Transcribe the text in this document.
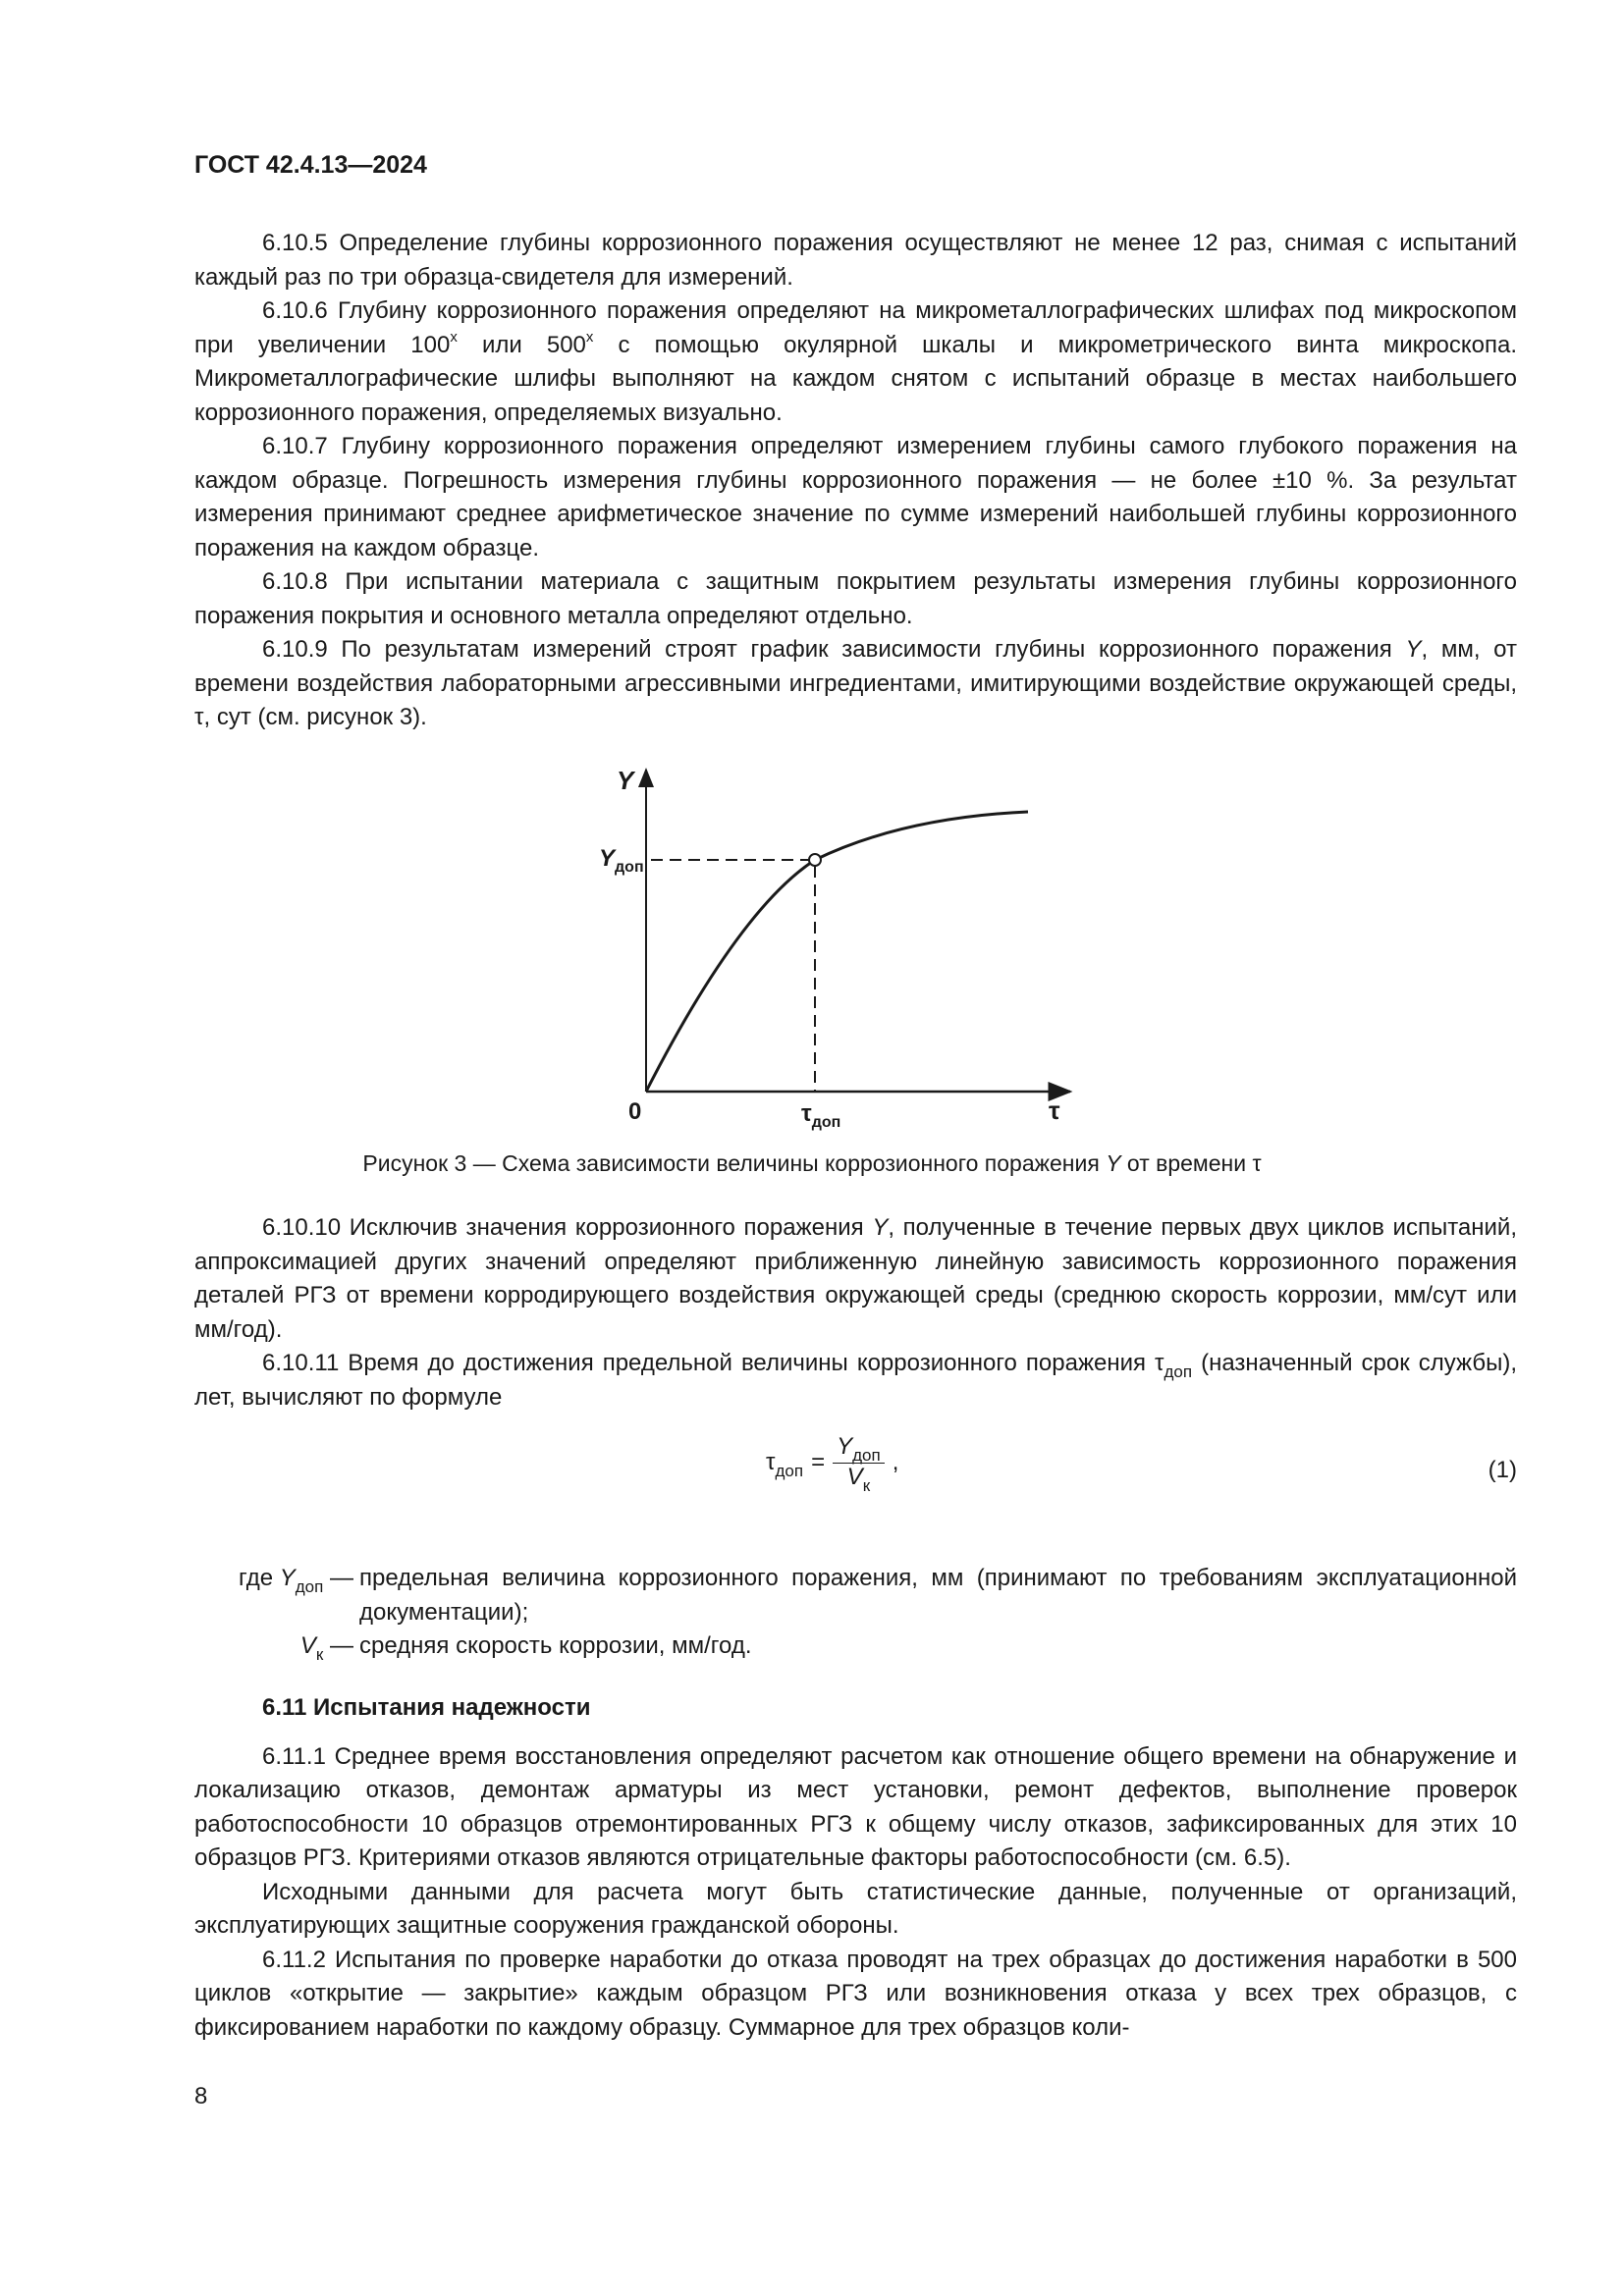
ГОСТ 42.4.13—2024

6.10.5 Определение глубины коррозионного поражения осуществляют не менее 12 раз, снимая с испытаний каждый раз по три образца-свидетеля для измерений.

6.10.6 Глубину коррозионного поражения определяют на микрометаллографических шлифах под микроскопом при увеличении 100$^x$ или 500$^x$ с помощью окулярной шкалы и микрометрического винта микроскопа. Микрометаллографические шлифы выполняют на каждом снятом с испытаний образце в местах наибольшего коррозионного поражения, определяемых визуально.

6.10.7 Глубину коррозионного поражения определяют измерением глубины самого глубокого поражения на каждом образце. Погрешность измерения глубины коррозионного поражения — не более ±10 %. За результат измерения принимают среднее арифметическое значение по сумме измерений наибольшей глубины коррозионного поражения на каждом образце.

6.10.8 При испытании материала с защитным покрытием результаты измерения глубины коррозионного поражения покрытия и основного металла определяют отдельно.

6.10.9 По результатам измерений строят график зависимости глубины коррозионного поражения Y, мм, от времени воздействия лабораторными агрессивными ингредиентами, имитирующими воздействие окружающей среды, τ, сут (см. рисунок 3).

Y
$Y_{доп}$
0	$\tau_{доп}$	τ
Рисунок 3 — Схема зависимости величины коррозионного поражения Y от времени τ

6.10.10 Исключив значения коррозионного поражения Y, полученные в течение первых двух циклов испытаний, аппроксимацией других значений определяют приближенную линейную зависимость коррозионного поражения деталей РГЗ от времени корродирующего воздействия окружающей среды (среднюю скорость коррозии, мм/сут или мм/год).

6.10.11 Время до достижения предельной величины коррозионного поражения $\tau_{доп}$ (назначенный срок службы), лет, вычисляют по формуле

$\tau_{доп} = \frac{Y_{доп}}{V_к}$ ,	(1)
где $Y_{доп}$ — предельная величина коррозионного поражения, мм (принимают по требованиям эксплуатационной документации);
$V_к$ — средняя скорость коррозии, мм/год.

6.11 Испытания надежности

6.11.1 Среднее время восстановления определяют расчетом как отношение общего времени на обнаружение и локализацию отказов, демонтаж арматуры из мест установки, ремонт дефектов, выполнение проверок работоспособности 10 образцов отремонтированных РГЗ к общему числу отказов, зафиксированных для этих 10 образцов РГЗ. Критериями отказов являются отрицательные факторы работоспособности (см. 6.5).

Исходными данными для расчета могут быть статистические данные, полученные от организаций, эксплуатирующих защитные сооружения гражданской обороны.

6.11.2 Испытания по проверке наработки до отказа проводят на трех образцах до достижения наработки в 500 циклов «открытие — закрытие» каждым образцом РГЗ или возникновения отказа у всех трех образцов, с фиксированием наработки по каждому образцу. Суммарное для трех образцов коли-

8
